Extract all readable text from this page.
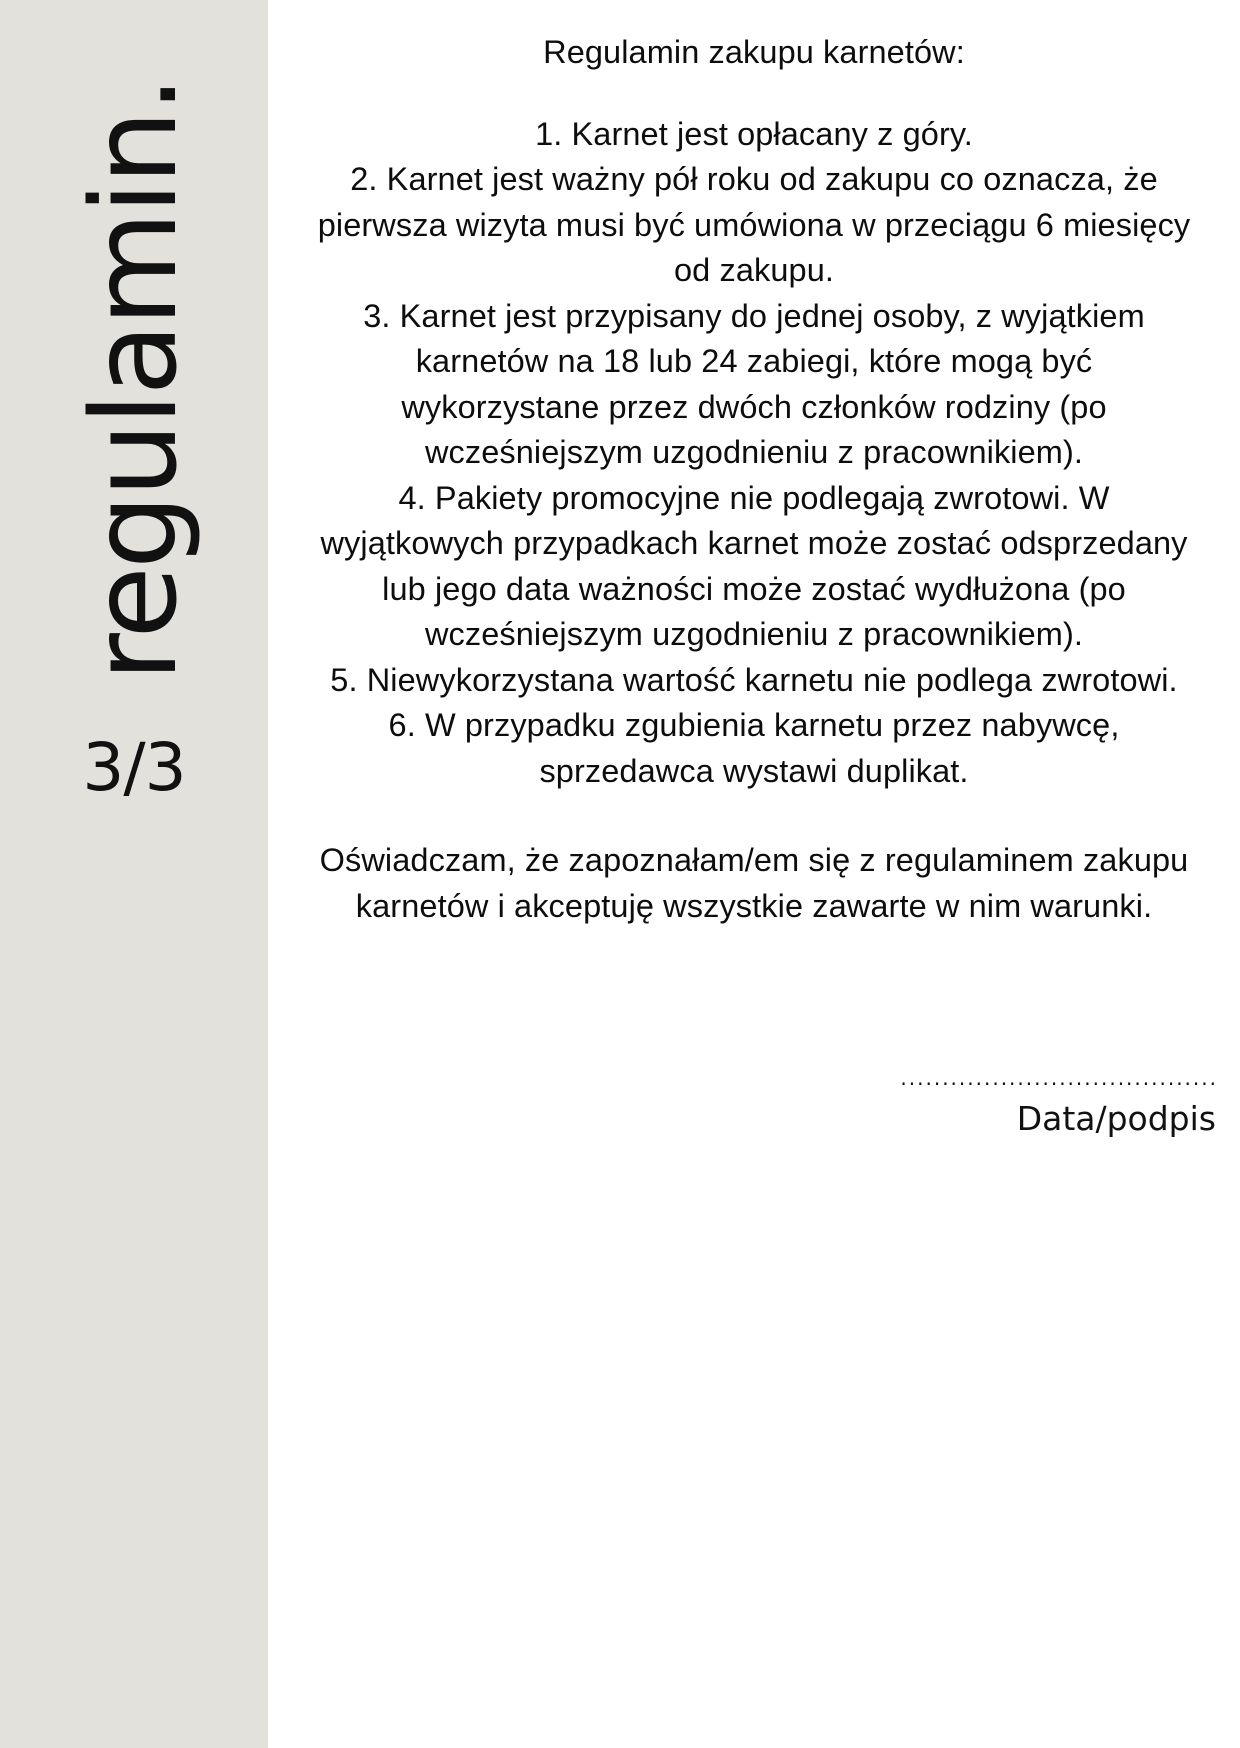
regulamin.
3/3
Regulamin zakupu karnetów:
1. Karnet jest opłacany z góry.
2. Karnet jest ważny pół roku od zakupu co oznacza, że pierwsza wizyta musi być umówiona w przeciągu 6 miesięcy od zakupu.
3. Karnet jest przypisany do jednej osoby, z wyjątkiem karnetów na 18 lub 24 zabiegi, które mogą być wykorzystane przez dwóch członków rodziny (po wcześniejszym uzgodnieniu z pracownikiem).
4. Pakiety promocyjne nie podlegają zwrotowi. W wyjątkowych przypadkach karnet może zostać odsprzedany lub jego data ważności może zostać wydłużona (po wcześniejszym uzgodnieniu z pracownikiem).
5. Niewykorzystana wartość karnetu nie podlega zwrotowi.
6. W przypadku zgubienia karnetu przez nabywcę, sprzedawca wystawi duplikat.
Oświadczam, że zapoznałam/em się z regulaminem zakupu karnetów i akceptuję wszystkie zawarte w nim warunki.
......................................
Data/podpis
